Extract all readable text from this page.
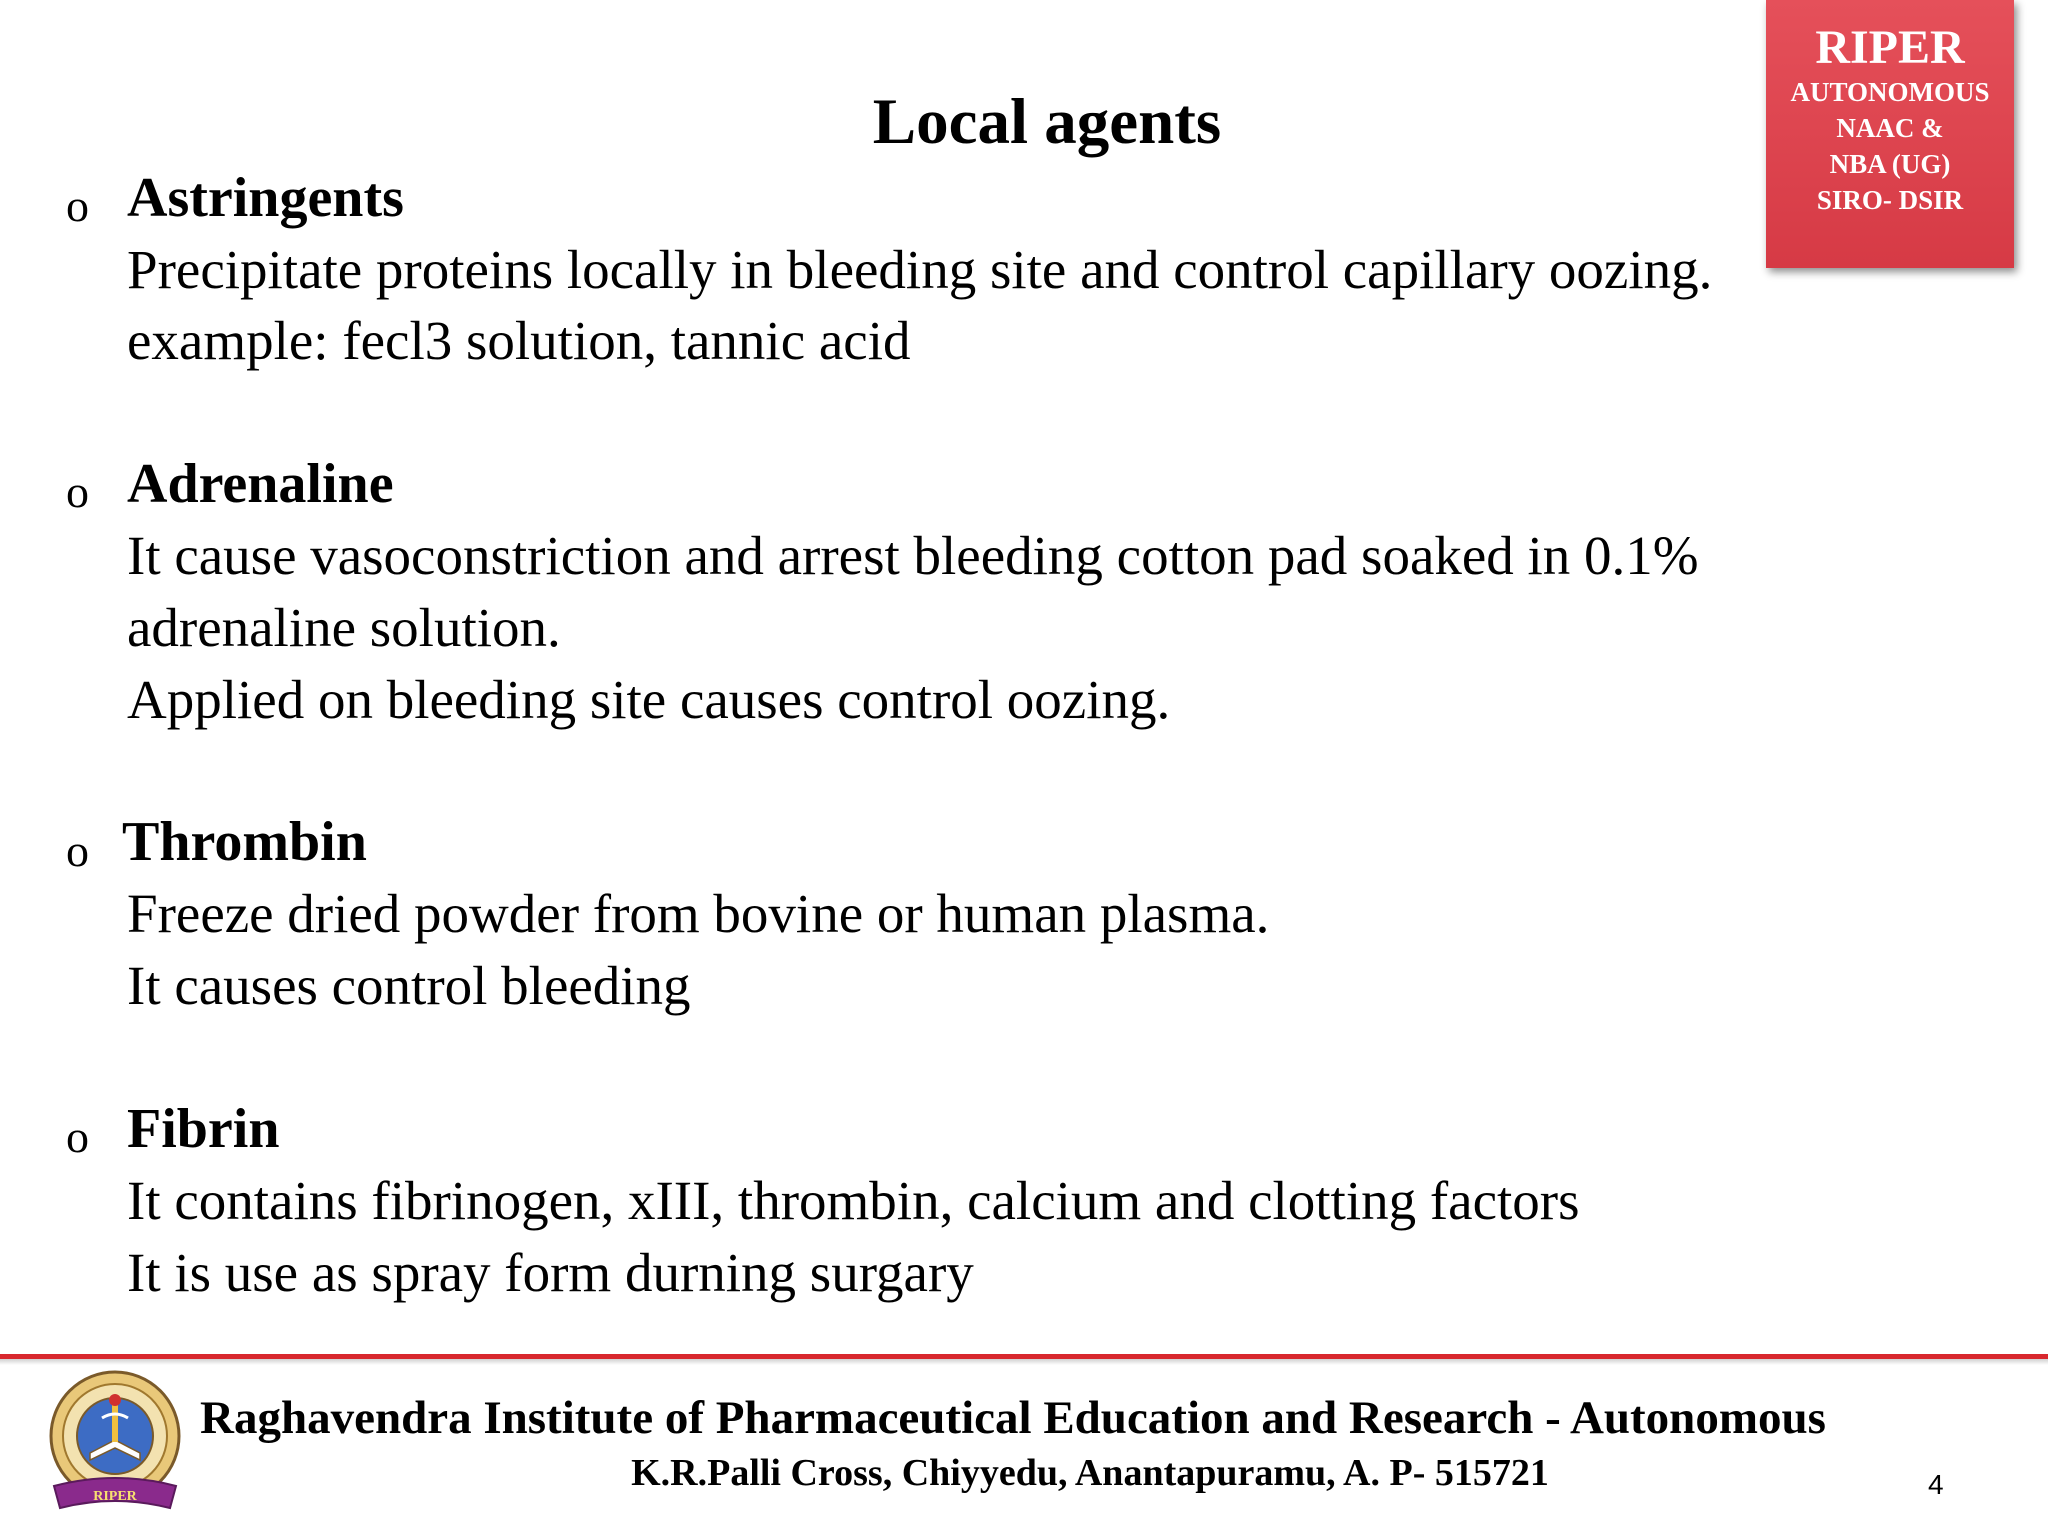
Local agents
RIPER
AUTONOMOUS
NAAC &
NBA (UG)
SIRO- DSIR
o Astringents
Precipitate proteins locally in bleeding site and control capillary oozing.
example: fecl3 solution, tannic acid
o Adrenaline
It cause vasoconstriction and arrest bleeding cotton pad soaked in 0.1%
adrenaline solution.
Applied on bleeding site causes control oozing.
o Thrombin
Freeze dried powder from bovine or human plasma.
It causes control bleeding
o Fibrin
It contains fibrinogen, xIII, thrombin, calcium and clotting factors
It is use as spray form durning surgary
RIPER
Raghavendra Institute of Pharmaceutical Education and Research - Autonomous
K.R.Palli Cross, Chiyyedu, Anantapuramu, A. P- 515721	4
